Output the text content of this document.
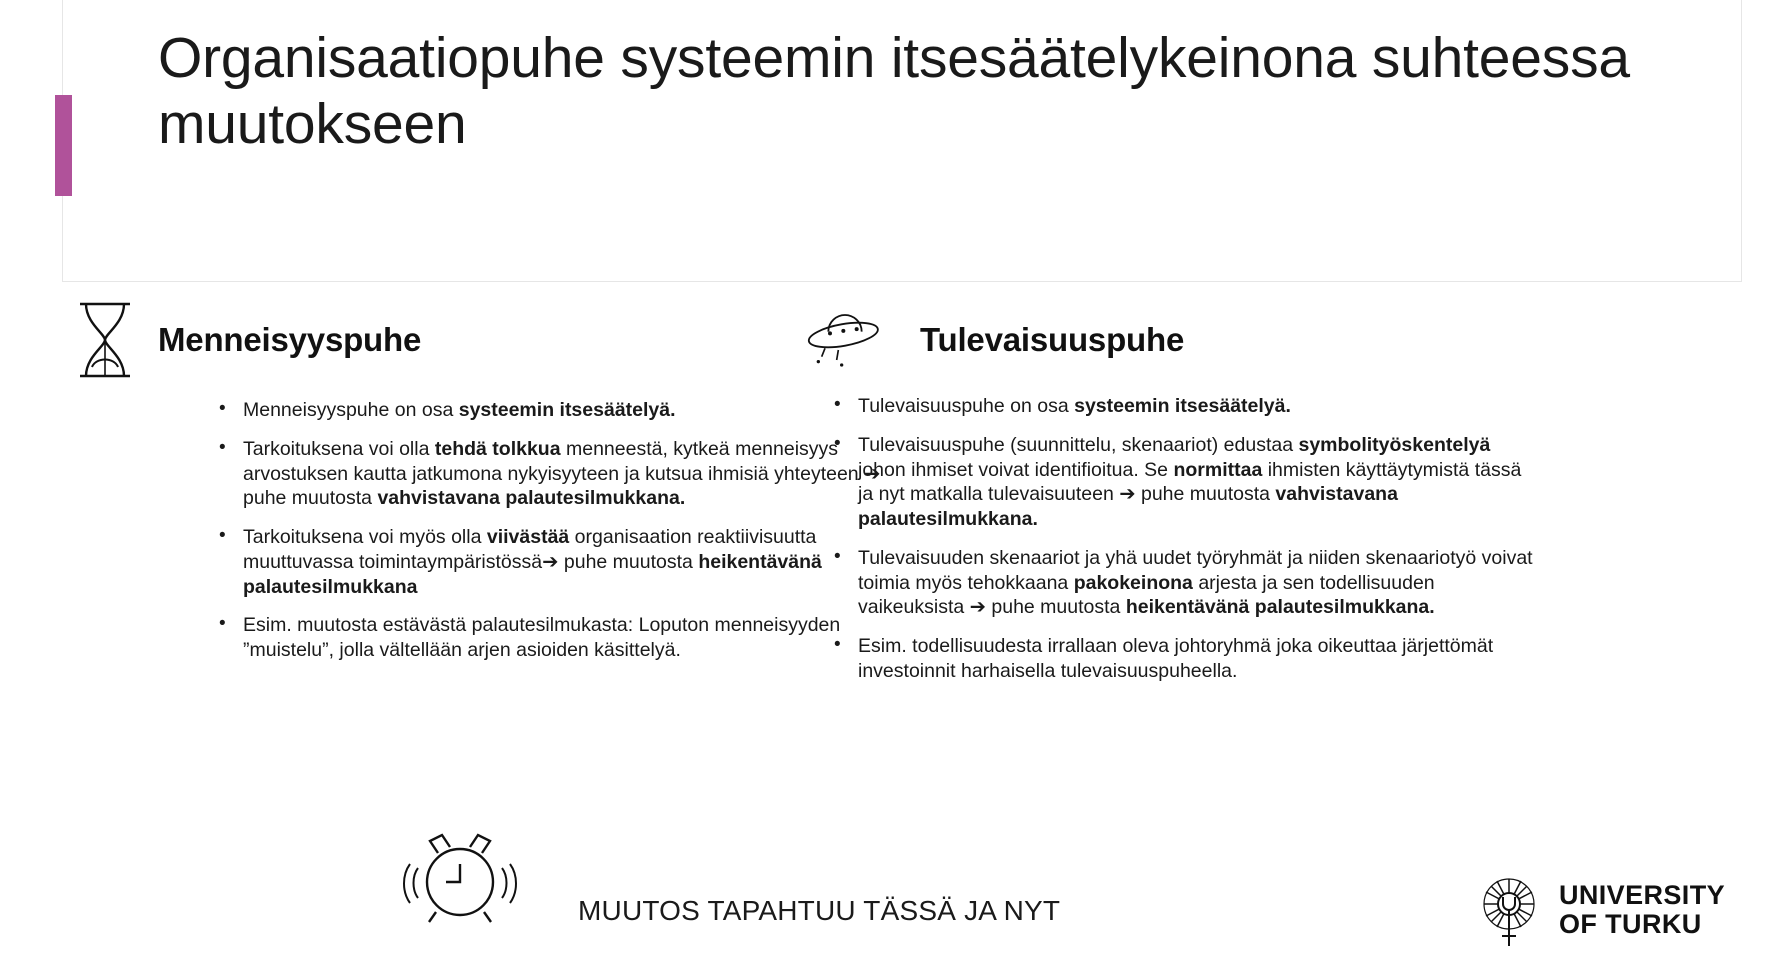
Organisaatiopuhe systeemin itsesäätelykeinona suhteessa muutokseen
Menneisyyspuhe
• Menneisyyspuhe on osa systeemin itsesäätelyä.
• Tarkoituksena voi olla tehdä tolkkua menneestä, kytkeä menneisyys arvostuksen kautta jatkumona nykyisyyteen ja kutsua ihmisiä yhteyteen ➔ puhe muutosta vahvistavana palautesilmukkana.
• Tarkoituksena voi myös olla viivästää organisaation reaktiivisuutta muuttuvassa toimintaympäristössä➔ puhe muutosta heikentävänä palautesilmukkana
• Esim. muutosta estävästä palautesilmukasta: Loputon menneisyyden ”muistelu”, jolla vältellään arjen asioiden käsittelyä.
Tulevaisuuspuhe
• Tulevaisuuspuhe on osa systeemin itsesäätelyä.
• Tulevaisuuspuhe (suunnittelu, skenaariot) edustaa symbolityöskentelyä johon ihmiset voivat identifioitua. Se normittaa ihmisten käyttäytymistä tässä ja nyt matkalla tulevaisuuteen ➔ puhe muutosta vahvistavana palautesilmukkana.
• Tulevaisuuden skenaariot ja yhä uudet työryhmät ja niiden skenaariotyö voivat toimia myös tehokkaana pakokeinona arjesta ja sen todellisuuden vaikeuksista ➔ puhe muutosta heikentävänä palautesilmukkana.
• Esim. todellisuudesta irrallaan oleva johtoryhmä joka oikeuttaa järjettömät investoinnit harhaisella tulevaisuuspuheella.
MUUTOS TAPAHTUU TÄSSÄ JA NYT
UNIVERSITY
OF TURKU
